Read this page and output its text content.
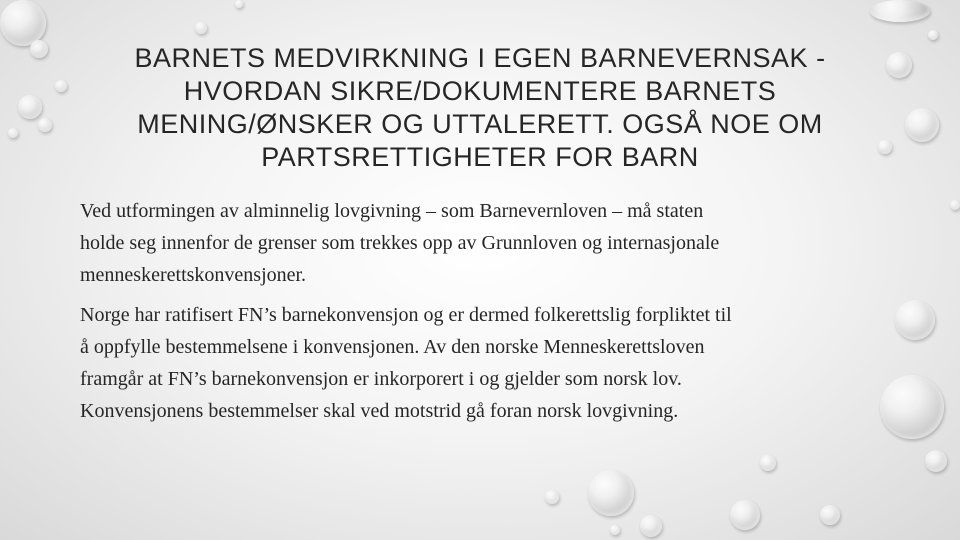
BARNETS MEDVIRKNING I EGEN BARNEVERNSAK -
HVORDAN SIKRE/DOKUMENTERE BARNETS
MENING/ØNSKER OG UTTALERETT. OGSÅ NOE OM
PARTSRETTIGHETER FOR BARN

Ved utformingen av alminnelig lovgivning – som Barnevernloven – må staten
holde seg innenfor de grenser som trekkes opp av Grunnloven og internasjonale
menneskerettskonvensjoner.

Norge har ratifisert FN’s barnekonvensjon og er dermed folkerettslig forpliktet til
å oppfylle bestemmelsene i konvensjonen. Av den norske Menneskerettsloven
framgår at FN’s barnekonvensjon er inkorporert i og gjelder som norsk lov.
Konvensjonens bestemmelser skal ved motstrid gå foran norsk lovgivning.
